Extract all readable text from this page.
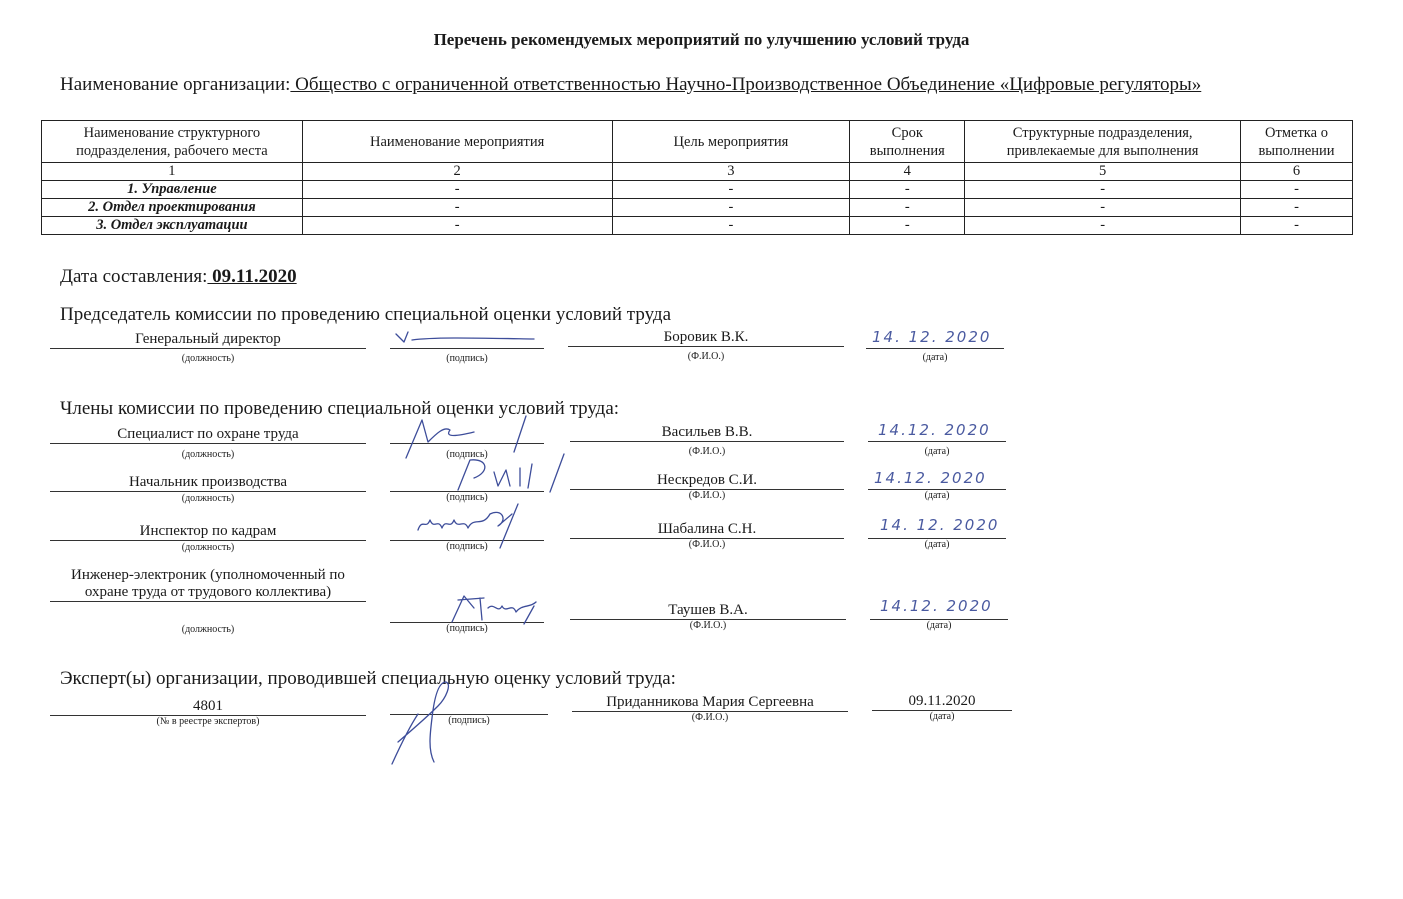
Перечень рекомендуемых мероприятий по улучшению условий труда
Наименование организации: Общество с ограниченной ответственностью Научно-Производственное Объединение «Цифровые регуляторы»
Наименование структурного подразделения, рабочего места	Наименование мероприятия	Цель мероприятия	Срок выполнения	Структурные подразделения, привлекаемые для выполнения	Отметка о выполнении
1	2	3	4	5	6
1. Управление	-	-	-	-	-
2. Отдел проектирования	-	-	-	-	-
3. Отдел эксплуатации	-	-	-	-	-
Дата составления: 09.11.2020
Председатель комиссии по проведению специальной оценки условий труда
Генеральный директор
(должность)	(подпись)
Боровик В.К.
(Ф.И.О.)
14. 12. 2020
(дата)
Члены комиссии по проведению специальной оценки условий труда:
Специалист по охране труда
(должность)	(подпись)
Васильев В.В.
(Ф.И.О.)
14.12. 2020
(дата)
Начальник производства
(должность)	(подпись)
Нескредов С.И.
(Ф.И.О.)
14.12. 2020
(дата)
Инспектор по кадрам
(должность)	(подпись)
Шабалина С.Н.
(Ф.И.О.)
14. 12. 2020
(дата)
Инженер-электроник (уполномоченный по охране труда от трудового коллектива)
(должность)	(подпись)
Таушев В.А.
(Ф.И.О.)
14.12. 2020
(дата)
Эксперт(ы) организации, проводившей специальную оценку условий труда:
4801
(№ в реестре экспертов)	(подпись)
Приданникова Мария Сергеевна
(Ф.И.О.)
09.11.2020
(дата)
